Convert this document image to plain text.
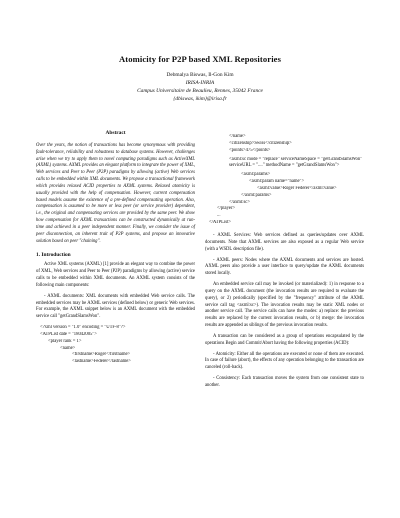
Atomicity for P2P based XML Repositories
Debmalya Biswas, Il-Gon Kim
IRISA-INRIA
Campus Universitaire de Beaulieu, Rennes, 35042 France
{dbiswas, ikim}@irisa.fr
Abstract

Over the years, the notion of transactions has become synonymous with providing fault-tolerance, reliability and robustness to database systems. However, challenges arise when we try to apply them to novel computing paradigms such as ActiveXML (AXML) systems. AXML provides an elegant platform to integrate the power of XML, Web services and Peer to Peer (P2P) paradigms by allowing (active) Web services calls to be embedded within XML documents. We propose a transactional framework which provides relaxed ACID properties to AXML systems. Relaxed atomicity is usually provided with the help of compensation. However, current compensation based models assume the existence of a pre-defined compensating operation. Also, compensation is assumed to be more or less peer (or service provider) dependent, i.e., the original and compensating services are provided by the same peer. We show how compensation for AXML transactions can be constructed dynamically at run-time and achieved in a peer independent manner. Finally, we consider the issue of peer disconnection, an inherent trait of P2P systems, and propose an innovative solution based on peer "chaining".

1. Introduction

Active XML systems (AXML) [1] provide an elegant way to combine the power of XML, Web services and Peer to Peer (P2P) paradigms by allowing (active) service calls to be embedded within XML documents. An AXML system consists of the following main components:

- AXML documents: XML documents with embedded Web service calls. The embedded services may be AXML services (defined below) or generic Web services. For example, the AXML snippet below is an AXML document with the embedded service call "getGrandSlamsWon".

<?xml version = "1.0" encoding = "UTF-8"?>
<ATPList date = "18042005">
<player rank = 1>
<name>
<firstname>Roger</firstname>
<lastname>Federer</lastname>
</name>
<citizenship>Swiss</citizenship>
<points>475</points>
<axml:sc mode = "replace" serviceNameSpace = "getGrandSlamsWon" serviceURL = "...." methodName = "getGrandSlamsWon">
<axml:params>
<axml:param name="name">
<axml:value>Roger Federer</axml:value>
</axml:params>
</axml:sc>
</player>
...
</ATPList>

- AXML Services: Web services defined as queries/updates over AXML documents. Note that AXML services are also exposed as a regular Web service (with a WSDL description file).

- AXML peers: Nodes where the AXML documents and services are hosted. AXML peers also provide a user interface to query/update the AXML documents stored locally.

An embedded service call may be invoked (or materialized): 1) in response to a query on the AXML document (the invocation results are required to evaluate the query), or 2) periodically (specified by the "frequency" attribute of the AXML service call tag <axml:sc>). The invocation results may be static XML nodes or another service call. The service calls can have the modes: a) replace: the previous results are replaced by the current invocation results, or b) merge: the invocation results are appended as siblings of the previous invocation results.

A transaction can be considered as a group of operations encapsulated by the operations Begin and Commit/Abort having the following properties (ACID):

- Atomicity: Either all the operations are executed or none of them are executed. In case of failure (abort), the effects of any operation belonging to the transaction are canceled (roll-back).

- Consistency: Each transaction moves the system from one consistent state to another.
